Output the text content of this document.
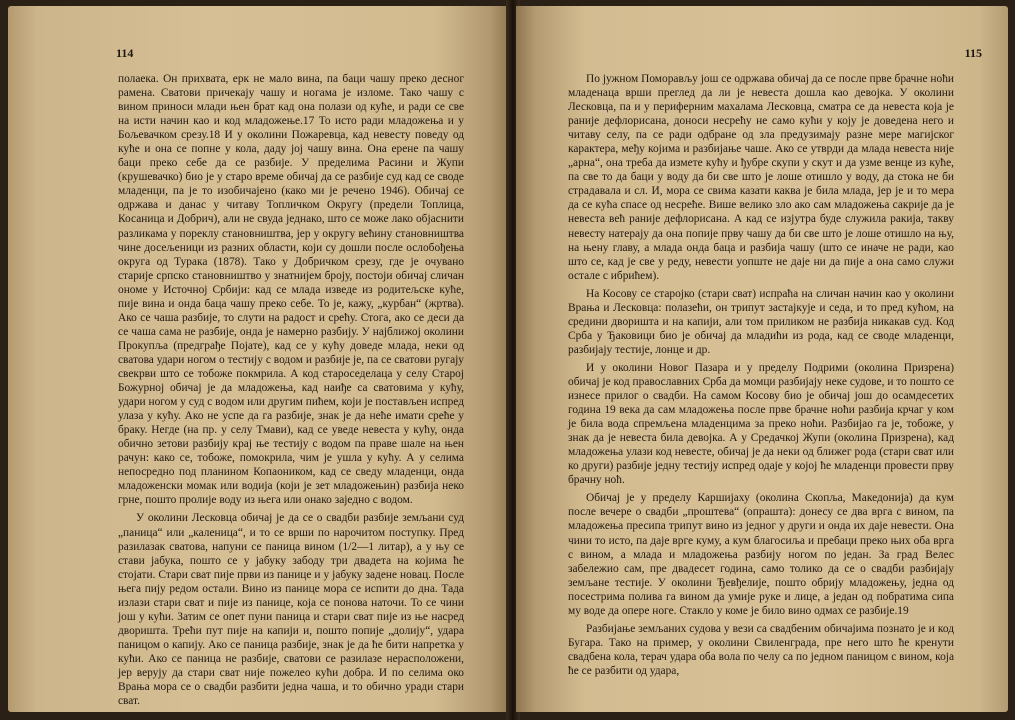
114

полаека. Он прихвата, ерк не мало вина, па баци чашу преко десног рамена. Сватови причекају чашу и ногама је изломе. Тако чашу с вином приноси млади њен брат кад она полази од куће, и ради се све на исти начин као и код младожење.17 То исто ради младожења и у Бољевачком срезу.18 И у околини Пожаревца, кад невесту поведу од куће и она се попне у кола, даду јој чашу вина. Она ерене па чашу баци преко себе да се разбије. У пределима Расини и Жупи (крушевачко) био је у старо време обичај да се разбије суд кад се своде младенци, па је то изобичајено (како ми је речено 1946). Обичај се одржава и данас у читаву Топличком Округу (предели Топлица, Косаница и Добрич), али не свуда једнако, што се може лако објаснити разликама у пореклу становништва, јер у округу већину становништва чине досељеници из разних области, који су дошли после ослобођења округа од Турака (1878). Тако у Добричком срезу, где је очувано старије српско становништво у знатнијем броју, постоји обичај сличан ономе у Источној Србији: кад се млада изведе из родитељске куће, пије вина и онда баца чашу преко себе. То је, кажу, „курбан“ (жртва). Ако се чаша разбије, то слути на радост и срећу. Стога, ако се деси да се чаша сама не разбије, онда је намерно разбију. У најближој околини Прокупља (предграђе Појате), кад се у кућу доведе млада, неки од сватова удари ногом о тестију с водом и разбије је, па се сватови ругају свекрви што се тобоже покмрила. А код староседелаца у селу Старој Божурној обичај је да младожења, кад наиђе са сватовима у кућу, удари ногом у суд с водом или другим пићем, који је постављен испред улаза у кућу. Ако не успе да га разбије, знак је да неће имати среће у браку. Негде (на пр. у селу Тмави), кад се уведе невеста у кућу, онда обично зетови разбију крај ње тестију с водом па праве шале на њен рачун: како се, тобоже, помокрила, чим је ушла у кућу. А у селима непосредно под планином Копаоником, кад се сведу младенци, онда младоженски момак или водија (који је зет младожењин) разбија неко грне, пошто пролије воду из њега или онако заједно с водом.

У околини Лесковца обичај је да се о свадби разбије земљани суд „паница“ или „каленица“, и то се врши по нарочитом поступку. Пред разилазак сватова, напуни се паница вином (1/2—1 литар), а у њу се стави јабука, пошто се у јабуку забоду три двадета на којима ће стојати. Стари сват пије први из панице и у јабуку задене новац. После њега пију редом остали. Вино из панице мора се испити до дна. Тада излази стари сват и пије из панице, која се понова наточи. То се чини још у кући. Затим се опет пуни паница и стари сват пије из ње насред дворишта. Трећи пут пије на капији и, пошто попије „долију“, удара паницом о капију. Ако се паница разбије, знак је да ће бити напретка у кући. Ако се паница не разбије, сватови се разилазе нерасположени, јер верују да стари сват није пожелео кући добра. И по селима око Врања мора се о свадби разбити једна чаша, и то обично уради стари сват.

115

По јужном Поморављу још се одржава обичај да се после прве брачне ноћи младенаца врши преглед да ли је невеста дошла као девојка. У околини Лесковца, па и у периферним махалама Лесковца, сматра се да невеста која је раније дефлорисана, доноси несрећу не само кући у коју је доведена него и читаву селу, па се ради одбране од зла предузимају разне мере магијског карактера, међу којима и разбијање чаше. Ако се утврди да млада невеста није „арна“, она треба да измете кућу и ђубре скупи у скут и да узме венце из куће, па све то да баци у воду да би све што је лоше отишло у воду, да стока не би страдавала и сл. И, мора се свима казати каква је била млада, јер је и то мера да се кућа спасе од несреће. Више велико зло ако сам младожења сакрије да је невеста већ раније дефлорисана. А кад се изјутра буде служила ракија, такву невесту натерају да она попије прву чашу да би све што је лоше отишло на њу, на њену главу, а млада онда баца и разбија чашу (што се иначе не ради, као што се, кад је све у реду, невести уопште не даје ни да пије а она само служи остале с ибрићем).

На Косову се старојко (стари сват) испраћа на сличан начин као у околини Врања и Лесковца: полазећи, он трипут застајкује и седа, и то пред кућом, на средини дворишта и на капији, али том приликом не разбија никакав суд. Код Срба у Ђаковици био је обичај да младићи из рода, кад се своде младенци, разбијају тестије, лонце и др.

И у околини Новог Пазара и у пределу Подрими (околина Призрена) обичај је код православних Срба да момци разбијају неке судове, и то пошто се изнесе прилог о свадби. На самом Косову био је обичај још до осамдесетих година 19 века да сам младожења после прве брачне ноћи разбија крчаг у ком је била вода спремљена младенцима за преко ноћи. Разбијао га је, тобоже, у знак да је невеста била девојка. А у Средачкој Жупи (околина Призрена), кад младожења улази код невесте, обичај је да неки од ближег рода (стари сват или ко други) разбије једну тестију испред одаје у којој ће младенци провести прву брачну ноћ.

Обичај је у пределу Каршијаху (околина Скопља, Македонија) да кум после вечере о свадби „проштева“ (опрашта): донесу се два врга с вином, па младожења пресипа трипут вино из једног у други и онда их даје невести. Она чини то исто, па даје врге куму, а кум благосиља и пребаци преко њих оба врга с вином, а млада и младожења разбију ногом по један. За град Велес забележио сам, пре двадесет година, само толико да се о свадби разбијају земљане тестије. У околини Ђевђелије, пошто обрију младожењу, једна од посестрима полива га вином да умије руке и лице, а један од побратима сипа му воде да опере ноге. Стакло у коме је било вино одмах се разбије.19

Разбијање земљаних судова у вези са свадбеним обичајима познато је и код Бугара. Тако на пример, у околини Свиленграда, пре него што ће кренути свадбена кола, терач удара оба вола по челу са по једном паницом с вином, која ће се разбити од удара,
